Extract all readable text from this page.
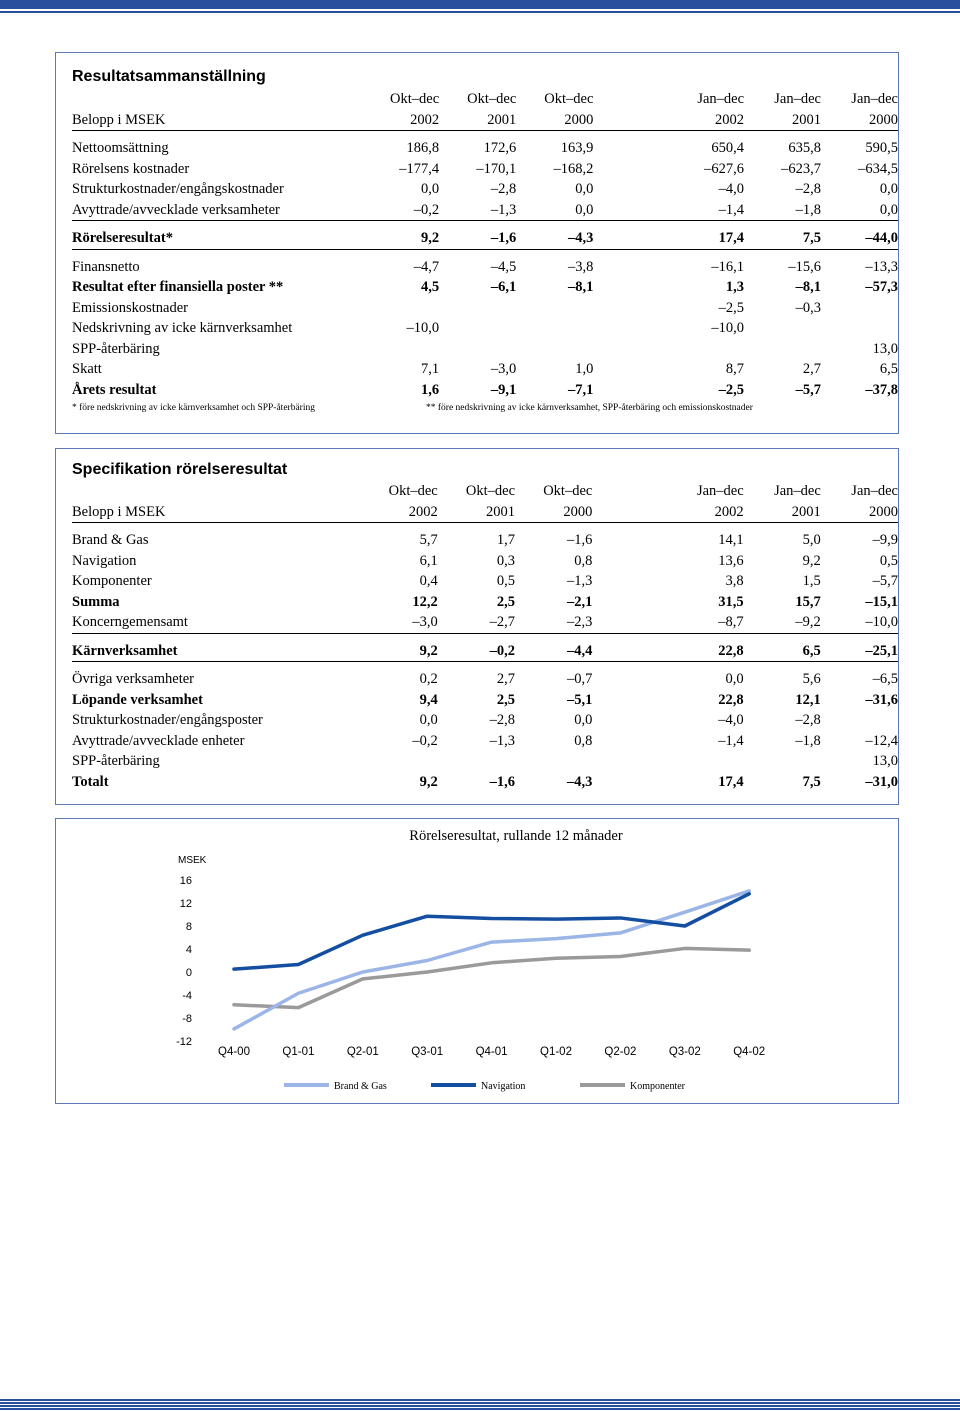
Resultatsammanställning
	Okt–dec	Okt–dec	Okt–dec		Jan–dec	Jan–dec	Jan–dec
Belopp i MSEK	2002	2001	2000		2002	2001	2000

Nettoomsättning	186,8	172,6	163,9		650,4	635,8	590,5
Rörelsens kostnader	–177,4	–170,1	–168,2		–627,6	–623,7	–634,5
Strukturkostnader/engångskostnader	0,0	–2,8	0,0		–4,0	–2,8	0,0
Avyttrade/avvecklade verksamheter	–0,2	–1,3	0,0		–1,4	–1,8	0,0

Rörelseresultat*	9,2	–1,6	–4,3		17,4	7,5	–44,0

Finansnetto	–4,7	–4,5	–3,8		–16,1	–15,6	–13,3
Resultat efter finansiella poster **	4,5	–6,1	–8,1		1,3	–8,1	–57,3
Emissionskostnader					–2,5	–0,3	
Nedskrivning av icke kärnverksamhet	–10,0				–10,0		
SPP-återbäring							13,0
Skatt	7,1	–3,0	1,0		8,7	2,7	6,5
Årets resultat	1,6	–9,1	–7,1		–2,5	–5,7	–37,8
* före nedskrivning av icke kärnverksamhet och SPP-återbäring	** före nedskrivning av icke kärnverksamhet, SPP-återbäring och emissionskostnader
Specifikation rörelseresultat
	Okt–dec	Okt–dec	Okt–dec		Jan–dec	Jan–dec	Jan–dec
Belopp i MSEK	2002	2001	2000		2002	2001	2000

Brand & Gas	5,7	1,7	–1,6		14,1	5,0	–9,9
Navigation	6,1	0,3	0,8		13,6	9,2	0,5
Komponenter	0,4	0,5	–1,3		3,8	1,5	–5,7
Summa	12,2	2,5	–2,1		31,5	15,7	–15,1
Koncerngemensamt	–3,0	–2,7	–2,3		–8,7	–9,2	–10,0

Kärnverksamhet	9,2	–0,2	–4,4		22,8	6,5	–25,1

Övriga verksamheter	0,2	2,7	–0,7		0,0	5,6	–6,5
Löpande verksamhet	9,4	2,5	–5,1		22,8	12,1	–31,6
Strukturkostnader/engångsposter	0,0	–2,8	0,0		–4,0	–2,8	
Avyttrade/avvecklade enheter	–0,2	–1,3	0,8		–1,4	–1,8	–12,4
SPP-återbäring							13,0
Totalt	9,2	–1,6	–4,3		17,4	7,5	–31,0
Rörelseresultat, rullande 12 månader
MSEK
16
12
8
4
0
-4
-8
-12
Q4-00	Q1-01	Q2-01	Q3-01	Q4-01	Q1-02	Q2-02	Q3-02	Q4-02
Brand & Gas	Navigation	Komponenter
